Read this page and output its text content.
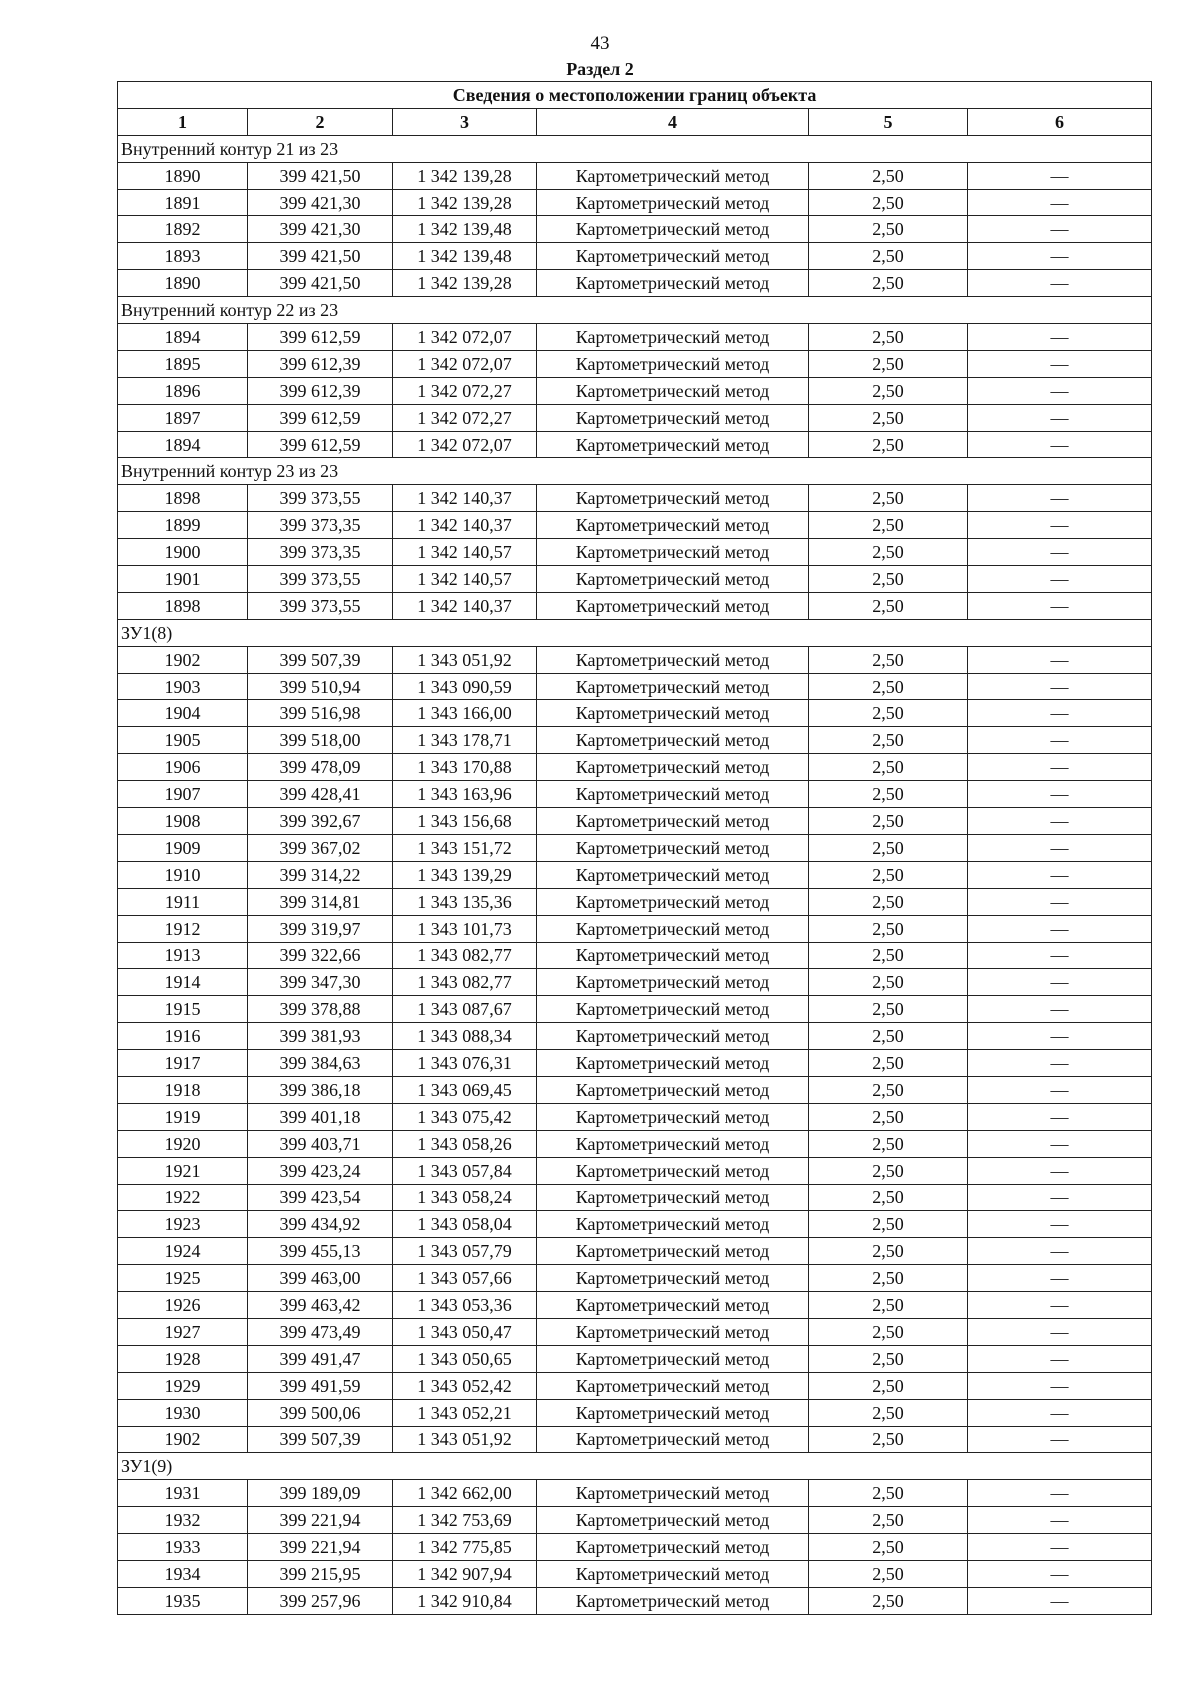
43
Раздел 2
Сведения о местоположении границ объекта					
1	2	3	4	5	6
Внутренний контур 21 из 23					
1890	399 421,50	1 342 139,28	Картометрический метод	2,50	—
1891	399 421,30	1 342 139,28	Картометрический метод	2,50	—
1892	399 421,30	1 342 139,48	Картометрический метод	2,50	—
1893	399 421,50	1 342 139,48	Картометрический метод	2,50	—
1890	399 421,50	1 342 139,28	Картометрический метод	2,50	—
Внутренний контур 22 из 23					
1894	399 612,59	1 342 072,07	Картометрический метод	2,50	—
1895	399 612,39	1 342 072,07	Картометрический метод	2,50	—
1896	399 612,39	1 342 072,27	Картометрический метод	2,50	—
1897	399 612,59	1 342 072,27	Картометрический метод	2,50	—
1894	399 612,59	1 342 072,07	Картометрический метод	2,50	—
Внутренний контур 23 из 23					
1898	399 373,55	1 342 140,37	Картометрический метод	2,50	—
1899	399 373,35	1 342 140,37	Картометрический метод	2,50	—
1900	399 373,35	1 342 140,57	Картометрический метод	2,50	—
1901	399 373,55	1 342 140,57	Картометрический метод	2,50	—
1898	399 373,55	1 342 140,37	Картометрический метод	2,50	—
ЗУ1(8)					
1902	399 507,39	1 343 051,92	Картометрический метод	2,50	—
1903	399 510,94	1 343 090,59	Картометрический метод	2,50	—
1904	399 516,98	1 343 166,00	Картометрический метод	2,50	—
1905	399 518,00	1 343 178,71	Картометрический метод	2,50	—
1906	399 478,09	1 343 170,88	Картометрический метод	2,50	—
1907	399 428,41	1 343 163,96	Картометрический метод	2,50	—
1908	399 392,67	1 343 156,68	Картометрический метод	2,50	—
1909	399 367,02	1 343 151,72	Картометрический метод	2,50	—
1910	399 314,22	1 343 139,29	Картометрический метод	2,50	—
1911	399 314,81	1 343 135,36	Картометрический метод	2,50	—
1912	399 319,97	1 343 101,73	Картометрический метод	2,50	—
1913	399 322,66	1 343 082,77	Картометрический метод	2,50	—
1914	399 347,30	1 343 082,77	Картометрический метод	2,50	—
1915	399 378,88	1 343 087,67	Картометрический метод	2,50	—
1916	399 381,93	1 343 088,34	Картометрический метод	2,50	—
1917	399 384,63	1 343 076,31	Картометрический метод	2,50	—
1918	399 386,18	1 343 069,45	Картометрический метод	2,50	—
1919	399 401,18	1 343 075,42	Картометрический метод	2,50	—
1920	399 403,71	1 343 058,26	Картометрический метод	2,50	—
1921	399 423,24	1 343 057,84	Картометрический метод	2,50	—
1922	399 423,54	1 343 058,24	Картометрический метод	2,50	—
1923	399 434,92	1 343 058,04	Картометрический метод	2,50	—
1924	399 455,13	1 343 057,79	Картометрический метод	2,50	—
1925	399 463,00	1 343 057,66	Картометрический метод	2,50	—
1926	399 463,42	1 343 053,36	Картометрический метод	2,50	—
1927	399 473,49	1 343 050,47	Картометрический метод	2,50	—
1928	399 491,47	1 343 050,65	Картометрический метод	2,50	—
1929	399 491,59	1 343 052,42	Картометрический метод	2,50	—
1930	399 500,06	1 343 052,21	Картометрический метод	2,50	—
1902	399 507,39	1 343 051,92	Картометрический метод	2,50	—
ЗУ1(9)					
1931	399 189,09	1 342 662,00	Картометрический метод	2,50	—
1932	399 221,94	1 342 753,69	Картометрический метод	2,50	—
1933	399 221,94	1 342 775,85	Картометрический метод	2,50	—
1934	399 215,95	1 342 907,94	Картометрический метод	2,50	—
1935	399 257,96	1 342 910,84	Картометрический метод	2,50	—
